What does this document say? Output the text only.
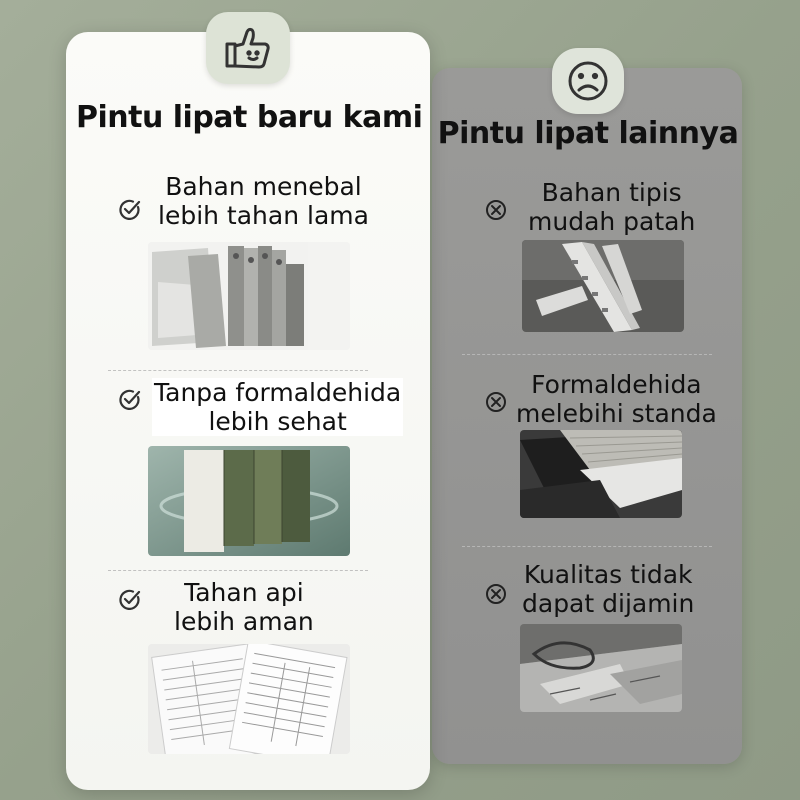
Pintu lipat baru kami Pintu lipat lainnya
Bahan menebal
lebih tahan lama
Tanpa formaldehida
lebih sehat
Tahan api
lebih aman
Bahan tipis
mudah patah
Formaldehida
melebihi standa
Kualitas tidak
dapat dijamin
